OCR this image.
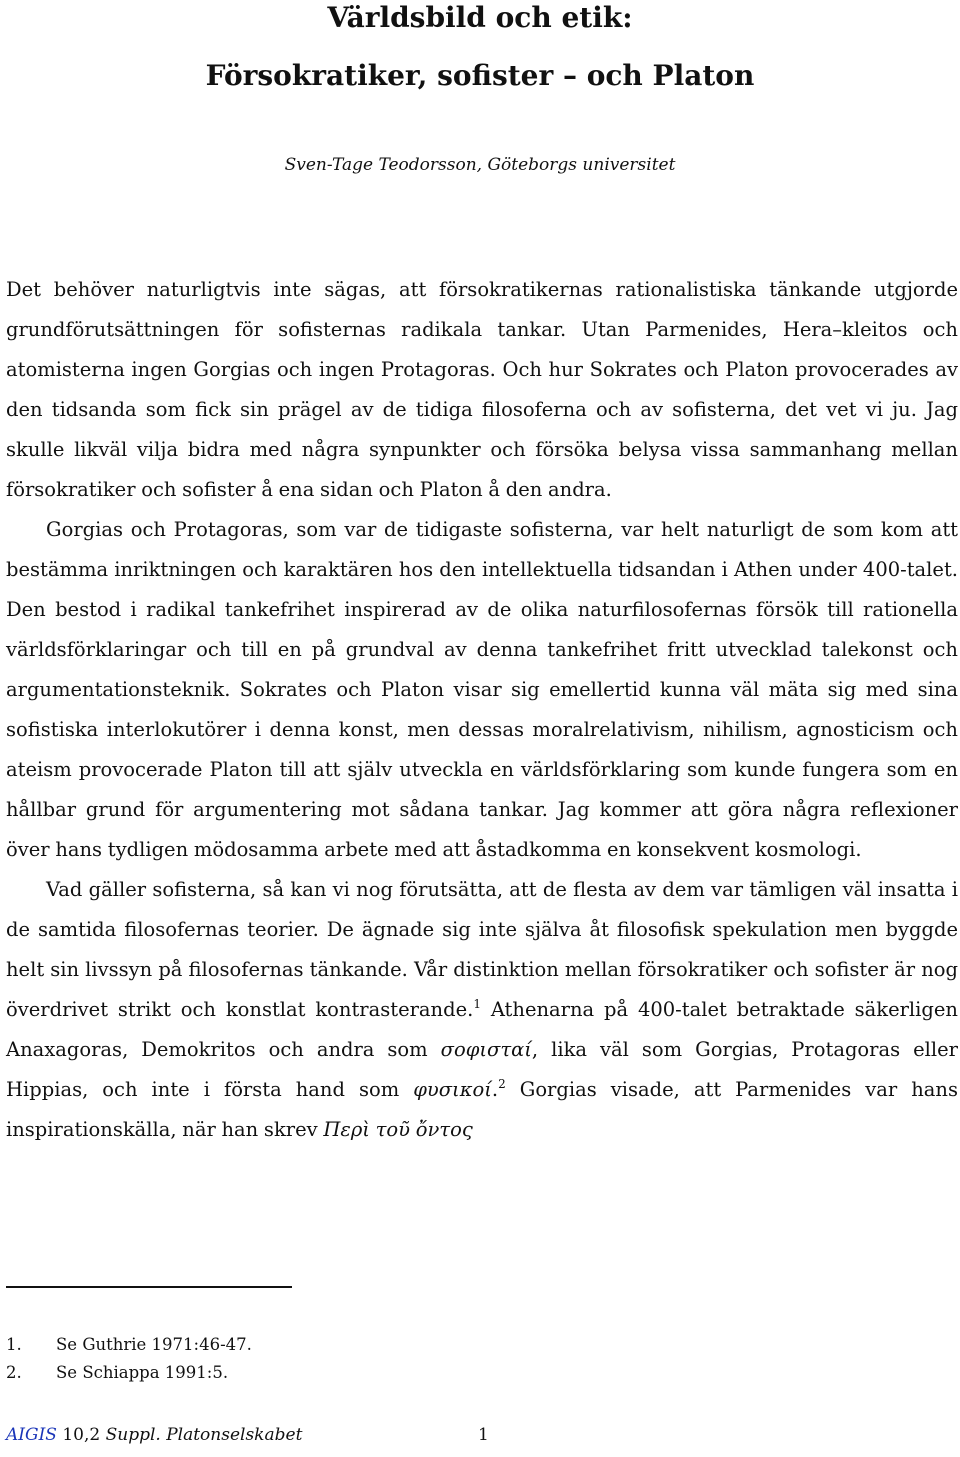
Världsbild och etik:
Försokratiker, sofister – och Platon
Sven-Tage Teodorsson, Göteborgs universitet

Det behöver naturligtvis inte sägas, att försokratikernas rationalistiska tänkande utgjorde grundförutsättningen för sofisternas radikala tankar. Utan Parmenides, Hera–kleitos och atomisterna ingen Gorgias och ingen Protagoras. Och hur Sokrates och Platon provocerades av den tidsanda som fick sin prägel av de tidiga filosoferna och av sofisterna, det vet vi ju. Jag skulle likväl vilja bidra med några synpunkter och försöka belysa vissa sammanhang mellan försokratiker och sofister å ena sidan och Platon å den andra.

Gorgias och Protagoras, som var de tidigaste sofisterna, var helt naturligt de som kom att bestämma inriktningen och karaktären hos den intellektuella tidsandan i Athen under 400-talet. Den bestod i radikal tankefrihet inspirerad av de olika naturfilosofernas försök till rationella världsförklaringar och till en på grundval av denna tankefrihet fritt utvecklad talekonst och argumentationsteknik. Sokrates och Platon visar sig emellertid kunna väl mäta sig med sina sofistiska interlokutörer i denna konst, men dessas moralrelativism, nihilism, agnosticism och ateism provocerade Platon till att själv utveckla en världsförklaring som kunde fungera som en hållbar grund för argumentering mot sådana tankar. Jag kommer att göra några reflexioner över hans tydligen mödosamma arbete med att åstadkomma en konsekvent kosmologi.

Vad gäller sofisterna, så kan vi nog förutsätta, att de flesta av dem var tämligen väl insatta i de samtida filosofernas teorier. De ägnade sig inte själva åt filosofisk spekulation men byggde helt sin livssyn på filosofernas tänkande. Vår distinktion mellan försokratiker och sofister är nog överdrivet strikt och konstlat kontrasterande.$^1$ Athenarna på 400-talet betraktade säkerligen Anaxagoras, Demokritos och andra som σοφισταί, lika väl som Gorgias, Protagoras eller Hippias, och inte i första hand som φυσικοί.$^2$ Gorgias visade, att Parmenides var hans inspirationskälla, när han skrev Περὶ τοῦ ὄντος

1.	Se Guthrie 1971:46-47.
2.	Se Schiappa 1991:5.
AIGIS 10,2 Suppl. Platonselskabet	1
